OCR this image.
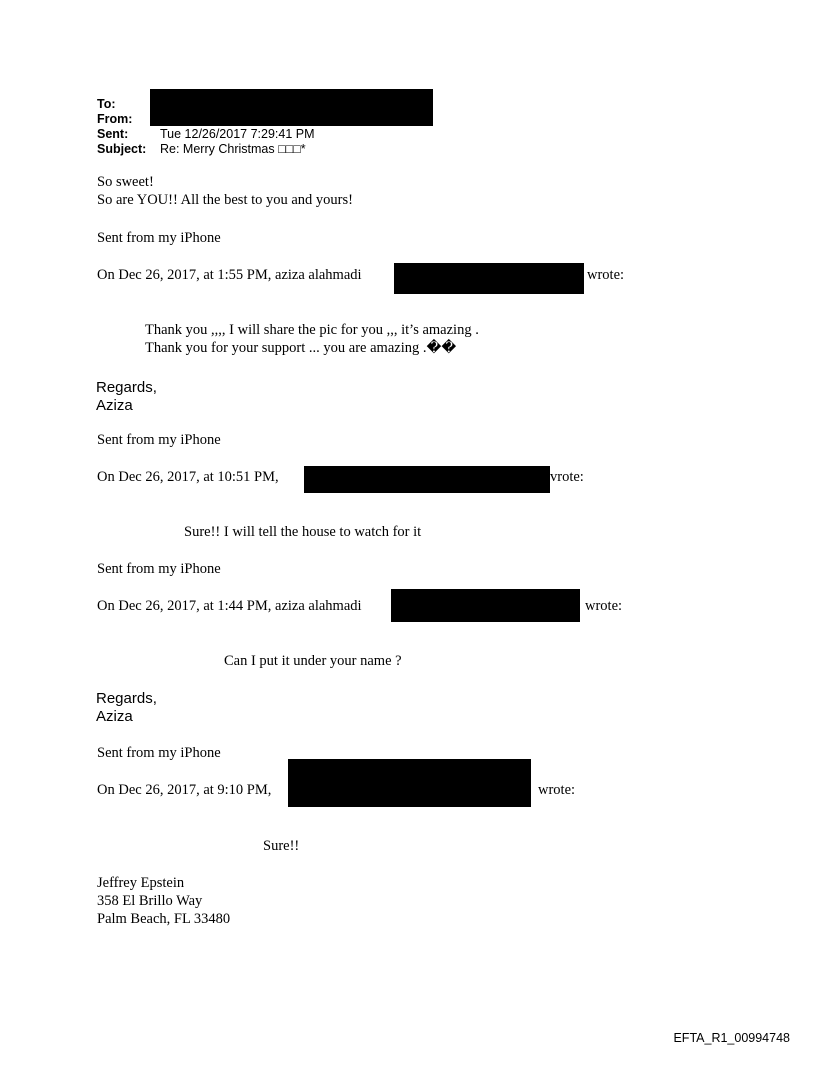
To:
From:
Sent:	Tue 12/26/2017 7:29:41 PM
Subject: Re: Merry Christmas □□□*
So sweet!
So are YOU!! All the best to you and yours!
Sent from my iPhone
On Dec 26, 2017, at 1:55 PM, aziza alahmadi	wrote:
Thank you ,,,, I will share the pic for you ,,, it’s amazing .
Thank you for your support ... you are amazing .��
Regards,
Aziza
Sent from my iPhone
On Dec 26, 2017, at 10:51 PM,	vrote:
Sure!! I will tell the house to watch for it
Sent from my iPhone
On Dec 26, 2017, at 1:44 PM, aziza alahmadi	wrote:
Can I put it under your name ?
Regards,
Aziza
Sent from my iPhone
On Dec 26, 2017, at 9:10 PM,	wrote:
Sure!!
Jeffrey Epstein
358 El Brillo Way
Palm Beach, FL 33480
EFTA_R1_00994748
